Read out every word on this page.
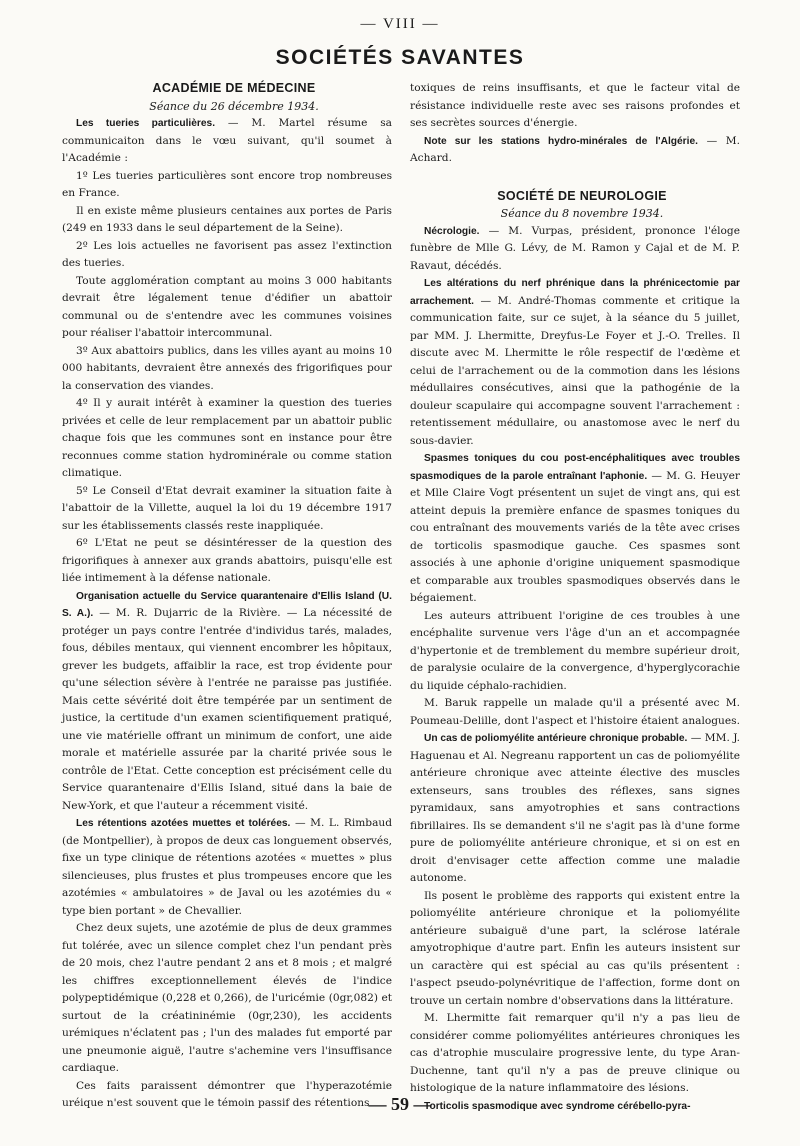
— VIII —
SOCIÉTÉS SAVANTES

ACADÉMIE DE MÉDECINE

Séance du 26 décembre 1934.

Les tueries particulières. — M. Martel résume sa communicaiton dans le vœu suivant, qu'il soumet à l'Académie :

1º Les tueries particulières sont encore trop nombreuses en France.

Il en existe même plusieurs centaines aux portes de Paris (249 en 1933 dans le seul département de la Seine).

2º Les lois actuelles ne favorisent pas assez l'extinction des tueries.

Toute agglomération comptant au moins 3 000 habitants devrait être légalement tenue d'édifier un abattoir communal ou de s'entendre avec les communes voisines pour réaliser l'abattoir intercommunal.

3º Aux abattoirs publics, dans les villes ayant au moins 10 000 habitants, devraient être annexés des frigorifiques pour la conservation des viandes.

4º Il y aurait intérêt à examiner la question des tueries privées et celle de leur remplacement par un abattoir public chaque fois que les communes sont en instance pour être reconnues comme station hydrominérale ou comme station climatique.

5º Le Conseil d'Etat devrait examiner la situation faite à l'abattoir de la Villette, auquel la loi du 19 décembre 1917 sur les établissements classés reste inappliquée.

6º L'Etat ne peut se désintéresser de la question des frigorifiques à annexer aux grands abattoirs, puisqu'elle est liée intimement à la défense nationale.

Organisation actuelle du Service quarantenaire d'Ellis Island (U. S. A.). — M. R. Dujarric de la Rivière. — La nécessité de protéger un pays contre l'entrée d'individus tarés, malades, fous, débiles mentaux, qui viennent encombrer les hôpitaux, grever les budgets, affaiblir la race, est trop évidente pour qu'une sélection sévère à l'entrée ne paraisse pas justifiée. Mais cette sévérité doit être tempérée par un sentiment de justice, la certitude d'un examen scientifiquement pratiqué, une vie matérielle offrant un minimum de confort, une aide morale et matérielle assurée par la charité privée sous le contrôle de l'Etat. Cette conception est précisément celle du Service quarantenaire d'Ellis Island, situé dans la baie de New-York, et que l'auteur a récemment visité.

Les rétentions azotées muettes et tolérées. — M. L. Rimbaud (de Montpellier), à propos de deux cas longuement observés, fixe un type clinique de rétentions azotées « muettes » plus silencieuses, plus frustes et plus trompeuses encore que les azotémies « ambulatoires » de Javal ou les azotémies du « type bien portant » de Chevallier.

Chez deux sujets, une azotémie de plus de deux grammes fut tolérée, avec un silence complet chez l'un pendant près de 20 mois, chez l'autre pendant 2 ans et 8 mois ; et malgré les chiffres exceptionnellement élevés de l'indice polypeptidémique (0,228 et 0,266), de l'uricémie (0gr,082) et surtout de la créatininémie (0gr,230), les accidents urémiques n'éclatent pas ; l'un des malades fut emporté par une pneumonie aiguë, l'autre s'achemine vers l'insuffisance cardiaque.

Ces faits paraissent démontrer que l'hyperazotémie uréique n'est souvent que le témoin passif des rétentions

toxiques de reins insuffisants, et que le facteur vital de résistance individuelle reste avec ses raisons profondes et ses secrètes sources d'énergie.

Note sur les stations hydro-minérales de l'Algérie. — M. Achard.

SOCIÉTÉ DE NEUROLOGIE

Séance du 8 novembre 1934.

Nécrologie. — M. Vurpas, président, prononce l'éloge funèbre de Mlle G. Lévy, de M. Ramon y Cajal et de M. P. Ravaut, décédés.

Les altérations du nerf phrénique dans la phrénicectomie par arrachement. — M. André-Thomas commente et critique la communication faite, sur ce sujet, à la séance du 5 juillet, par MM. J. Lhermitte, Dreyfus-Le Foyer et J.-O. Trelles. Il discute avec M. Lhermitte le rôle respectif de l'œdème et celui de l'arrachement ou de la commotion dans les lésions médullaires consécutives, ainsi que la pathogénie de la douleur scapulaire qui accompagne souvent l'arrachement : retentissement médullaire, ou anastomose avec le nerf du sous-davier.

Spasmes toniques du cou post-encéphalitiques avec troubles spasmodiques de la parole entraînant l'aphonie. — M. G. Heuyer et Mlle Claire Vogt présentent un sujet de vingt ans, qui est atteint depuis la première enfance de spasmes toniques du cou entraînant des mouvements variés de la tête avec crises de torticolis spasmodique gauche. Ces spasmes sont associés à une aphonie d'origine uniquement spasmodique et comparable aux troubles spasmodiques observés dans le bégaiement.

Les auteurs attribuent l'origine de ces troubles à une encéphalite survenue vers l'âge d'un an et accompagnée d'hypertonie et de tremblement du membre supérieur droit, de paralysie oculaire de la convergence, d'hyperglycorachie du liquide céphalo-rachidien.

M. Baruk rappelle un malade qu'il a présenté avec M. Poumeau-Delille, dont l'aspect et l'histoire étaient analogues.

Un cas de poliomyélite antérieure chronique probable. — MM. J. Haguenau et Al. Negreanu rapportent un cas de poliomyélite antérieure chronique avec atteinte élective des muscles extenseurs, sans troubles des réflexes, sans signes pyramidaux, sans amyotrophies et sans contractions fibrillaires. Ils se demandent s'il ne s'agit pas là d'une forme pure de poliomyélite antérieure chronique, et si on est en droit d'envisager cette affection comme une maladie autonome.

Ils posent le problème des rapports qui existent entre la poliomyélite antérieure chronique et la poliomyélite antérieure subaiguë d'une part, la sclérose latérale amyotrophique d'autre part. Enfin les auteurs insistent sur un caractère qui est spécial au cas qu'ils présentent : l'aspect pseudo-polynévritique de l'affection, forme dont on trouve un certain nombre d'observations dans la littérature.

M. Lhermitte fait remarquer qu'il n'y a pas lieu de considérer comme poliomyélites antérieures chroniques les cas d'atrophie musculaire progressive lente, du type Aran-Duchenne, tant qu'il n'y a pas de preuve clinique ou histologique de la nature inflammatoire des lésions.

Torticolis spasmodique avec syndrome cérébello-pyra-

— 59 —
